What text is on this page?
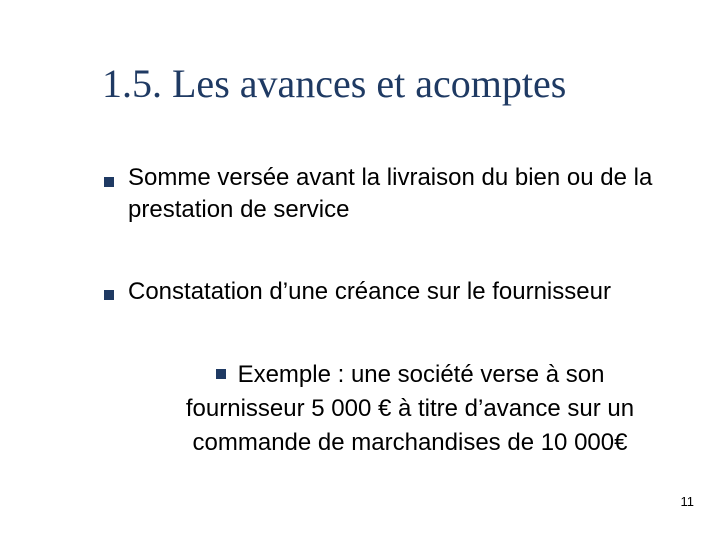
1.5. Les avances et acomptes
Somme versée avant la livraison du bien ou de la prestation de service
Constatation d’une créance sur le fournisseur
Exemple : une société verse à son
fournisseur 5 000 € à titre d’avance sur un
commande de marchandises de 10 000€
11
